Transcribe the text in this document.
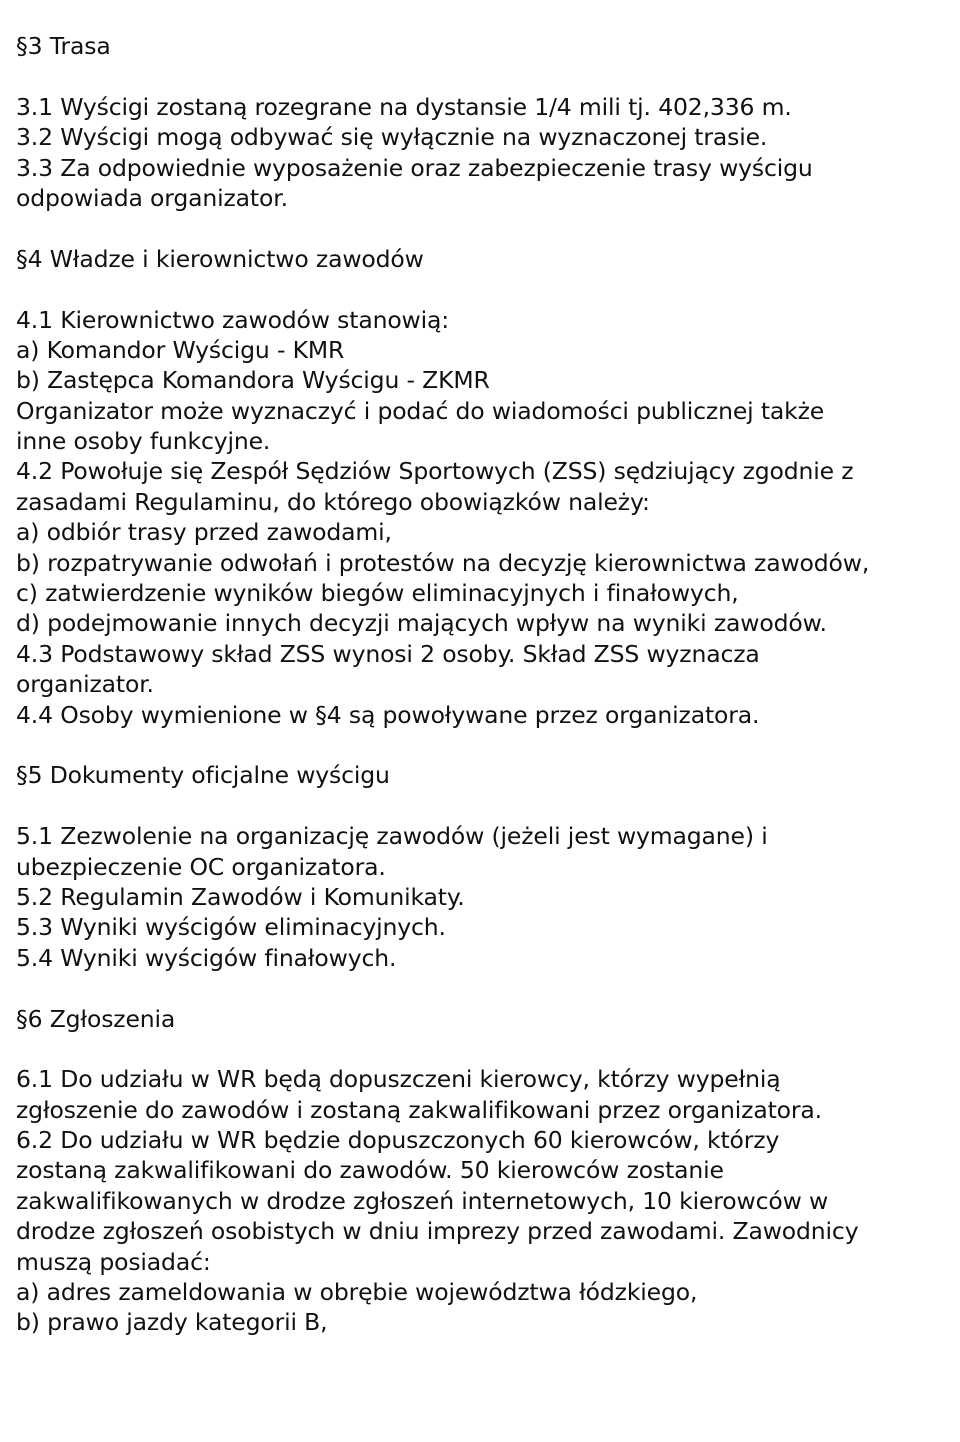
§3 Trasa
3.1 Wyścigi zostaną rozegrane na dystansie 1/4 mili tj. 402,336 m.
3.2 Wyścigi mogą odbywać się wyłącznie na wyznaczonej trasie.
3.3 Za odpowiednie wyposażenie oraz zabezpieczenie trasy wyścigu
odpowiada organizator.
§4 Władze i kierownictwo zawodów
4.1 Kierownictwo zawodów stanowią:
a) Komandor Wyścigu - KMR
b) Zastępca Komandora Wyścigu - ZKMR
Organizator może wyznaczyć i podać do wiadomości publicznej także
inne osoby funkcyjne.
4.2 Powołuje się Zespół Sędziów Sportowych (ZSS) sędziujący zgodnie z
zasadami Regulaminu, do którego obowiązków należy:
a) odbiór trasy przed zawodami,
b) rozpatrywanie odwołań i protestów na decyzję kierownictwa zawodów,
c) zatwierdzenie wyników biegów eliminacyjnych i finałowych,
d) podejmowanie innych decyzji mających wpływ na wyniki zawodów.
4.3 Podstawowy skład ZSS wynosi 2 osoby. Skład ZSS wyznacza
organizator.
4.4 Osoby wymienione w §4 są powoływane przez organizatora.
§5 Dokumenty oficjalne wyścigu
5.1 Zezwolenie na organizację zawodów (jeżeli jest wymagane) i
ubezpieczenie OC organizatora.
5.2 Regulamin Zawodów i Komunikaty.
5.3 Wyniki wyścigów eliminacyjnych.
5.4 Wyniki wyścigów finałowych.
§6 Zgłoszenia
6.1 Do udziału w WR będą dopuszczeni kierowcy, którzy wypełnią
zgłoszenie do zawodów i zostaną zakwalifikowani przez organizatora.
6.2 Do udziału w WR będzie dopuszczonych 60 kierowców, którzy
zostaną zakwalifikowani do zawodów. 50 kierowców zostanie
zakwalifikowanych w drodze zgłoszeń internetowych, 10 kierowców w
drodze zgłoszeń osobistych w dniu imprezy przed zawodami. Zawodnicy
muszą posiadać:
a) adres zameldowania w obrębie województwa łódzkiego,
b) prawo jazdy kategorii B,
